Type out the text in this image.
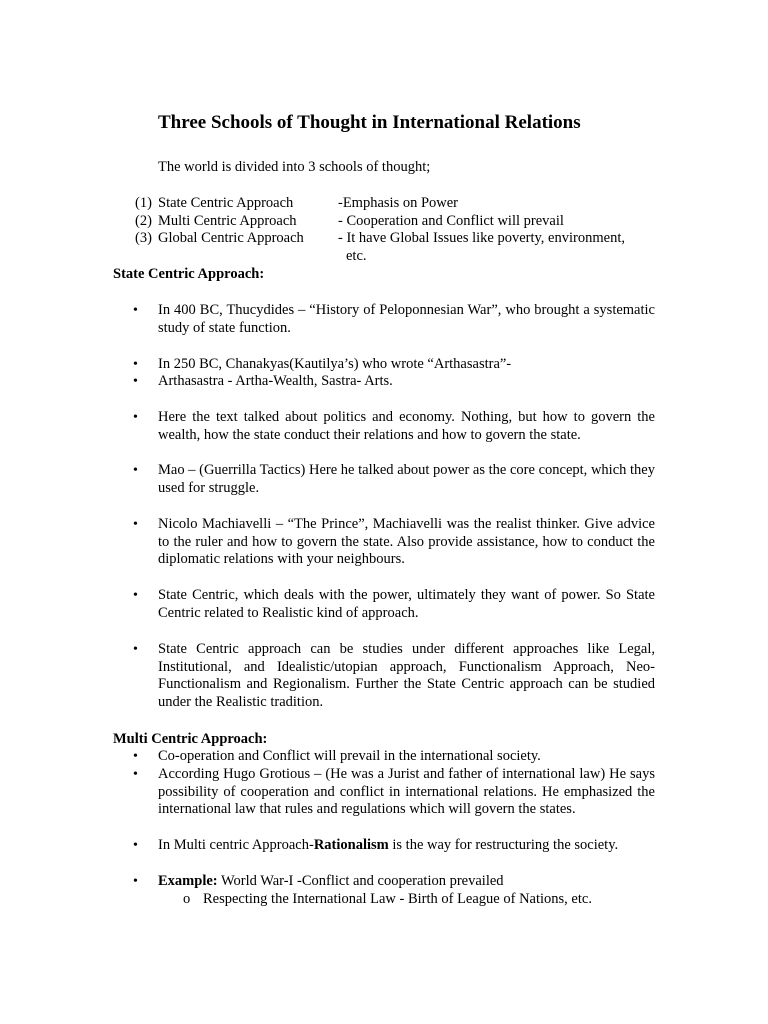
Three Schools of Thought in International Relations
The world is divided into 3 schools of thought;
(1) State Centric Approach	-Emphasis on Power
(2) Multi Centric Approach	- Cooperation and Conflict will prevail
(3) Global Centric Approach	- It have Global Issues like poverty, environment,
etc.
State Centric Approach:
• In 400 BC, Thucydides – “History of Peloponnesian War”, who brought a systematic study of state function.
• In 250 BC, Chanakyas(Kautilya’s) who wrote “Arthasastra”-
• Arthasastra - Artha-Wealth, Sastra- Arts.
• Here the text talked about politics and economy. Nothing, but how to govern the wealth, how the state conduct their relations and how to govern the state.
• Mao – (Guerrilla Tactics) Here he talked about power as the core concept, which they used for struggle.
• Nicolo Machiavelli – “The Prince”, Machiavelli was the realist thinker. Give advice to the ruler and how to govern the state. Also provide assistance, how to conduct the diplomatic relations with your neighbours.
• State Centric, which deals with the power, ultimately they want of power. So State Centric related to Realistic kind of approach.
• State Centric approach can be studies under different approaches like Legal, Institutional, and Idealistic/utopian approach, Functionalism Approach, Neo-Functionalism and Regionalism. Further the State Centric approach can be studied under the Realistic tradition.
Multi Centric Approach:
• Co-operation and Conflict will prevail in the international society.
• According Hugo Grotious – (He was a Jurist and father of international law) He says possibility of cooperation and conflict in international relations. He emphasized the international law that rules and regulations which will govern the states.
• In Multi centric Approach-Rationalism is the way for restructuring the society.
• Example: World War-I -Conflict and cooperation prevailed
o Respecting the International Law - Birth of League of Nations, etc.
